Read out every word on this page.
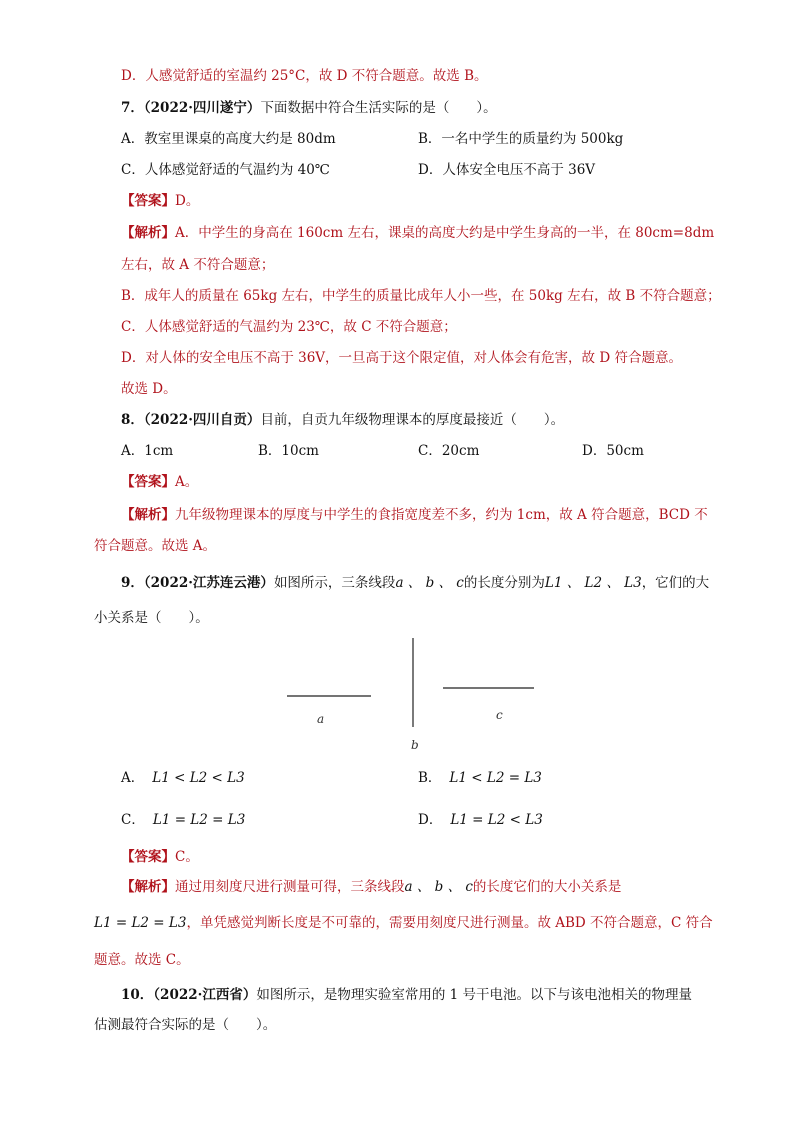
D．人感觉舒适的室温约 25°C，故 D 不符合题意。故选 B。
7．（2022·四川遂宁）下面数据中符合生活实际的是（　　）。
A．教室里课桌的高度大约是 80dm	B．一名中学生的质量约为 500kg
C．人体感觉舒适的气温约为 40℃	D．人体安全电压不高于 36V
【答案】D。
【解析】A．中学生的身高在 160cm 左右，课桌的高度大约是中学生身高的一半，在 80cm=8dm
左右，故 A 不符合题意；
B．成年人的质量在 65kg 左右，中学生的质量比成年人小一些，在 50kg 左右，故 B 不符合题意；
C．人体感觉舒适的气温约为 23℃，故 C 不符合题意；
D．对人体的安全电压不高于 36V，一旦高于这个限定值，对人体会有危害，故 D 符合题意。
故选 D。
8．（2022·四川自贡）目前，自贡九年级物理课本的厚度最接近（　　）。
A．1cm	B．10cm	C．20cm	D．50cm
【答案】A。
【解析】九年级物理课本的厚度与中学生的食指宽度差不多，约为 1cm，故 A 符合题意，BCD 不
符合题意。故选 A。
9．（2022·江苏连云港）如图所示，三条线段a 、 b 、 c的长度分别为L1 、 L2 、 L3，它们的大
小关系是（　　）。
a
b
c
A． L1 < L2 < L3	B． L1 < L2 = L3
C． L1 = L2 = L3	D． L1 = L2 < L3
【答案】C。
【解析】通过用刻度尺进行测量可得，三条线段a 、 b 、 c的长度它们的大小关系是
L1 = L2 = L3，单凭感觉判断长度是不可靠的，需要用刻度尺进行测量。故 ABD 不符合题意，C 符合
题意。故选 C。
10．（2022·江西省）如图所示，是物理实验室常用的 1 号干电池。以下与该电池相关的物理量
估测最符合实际的是（　　）。
